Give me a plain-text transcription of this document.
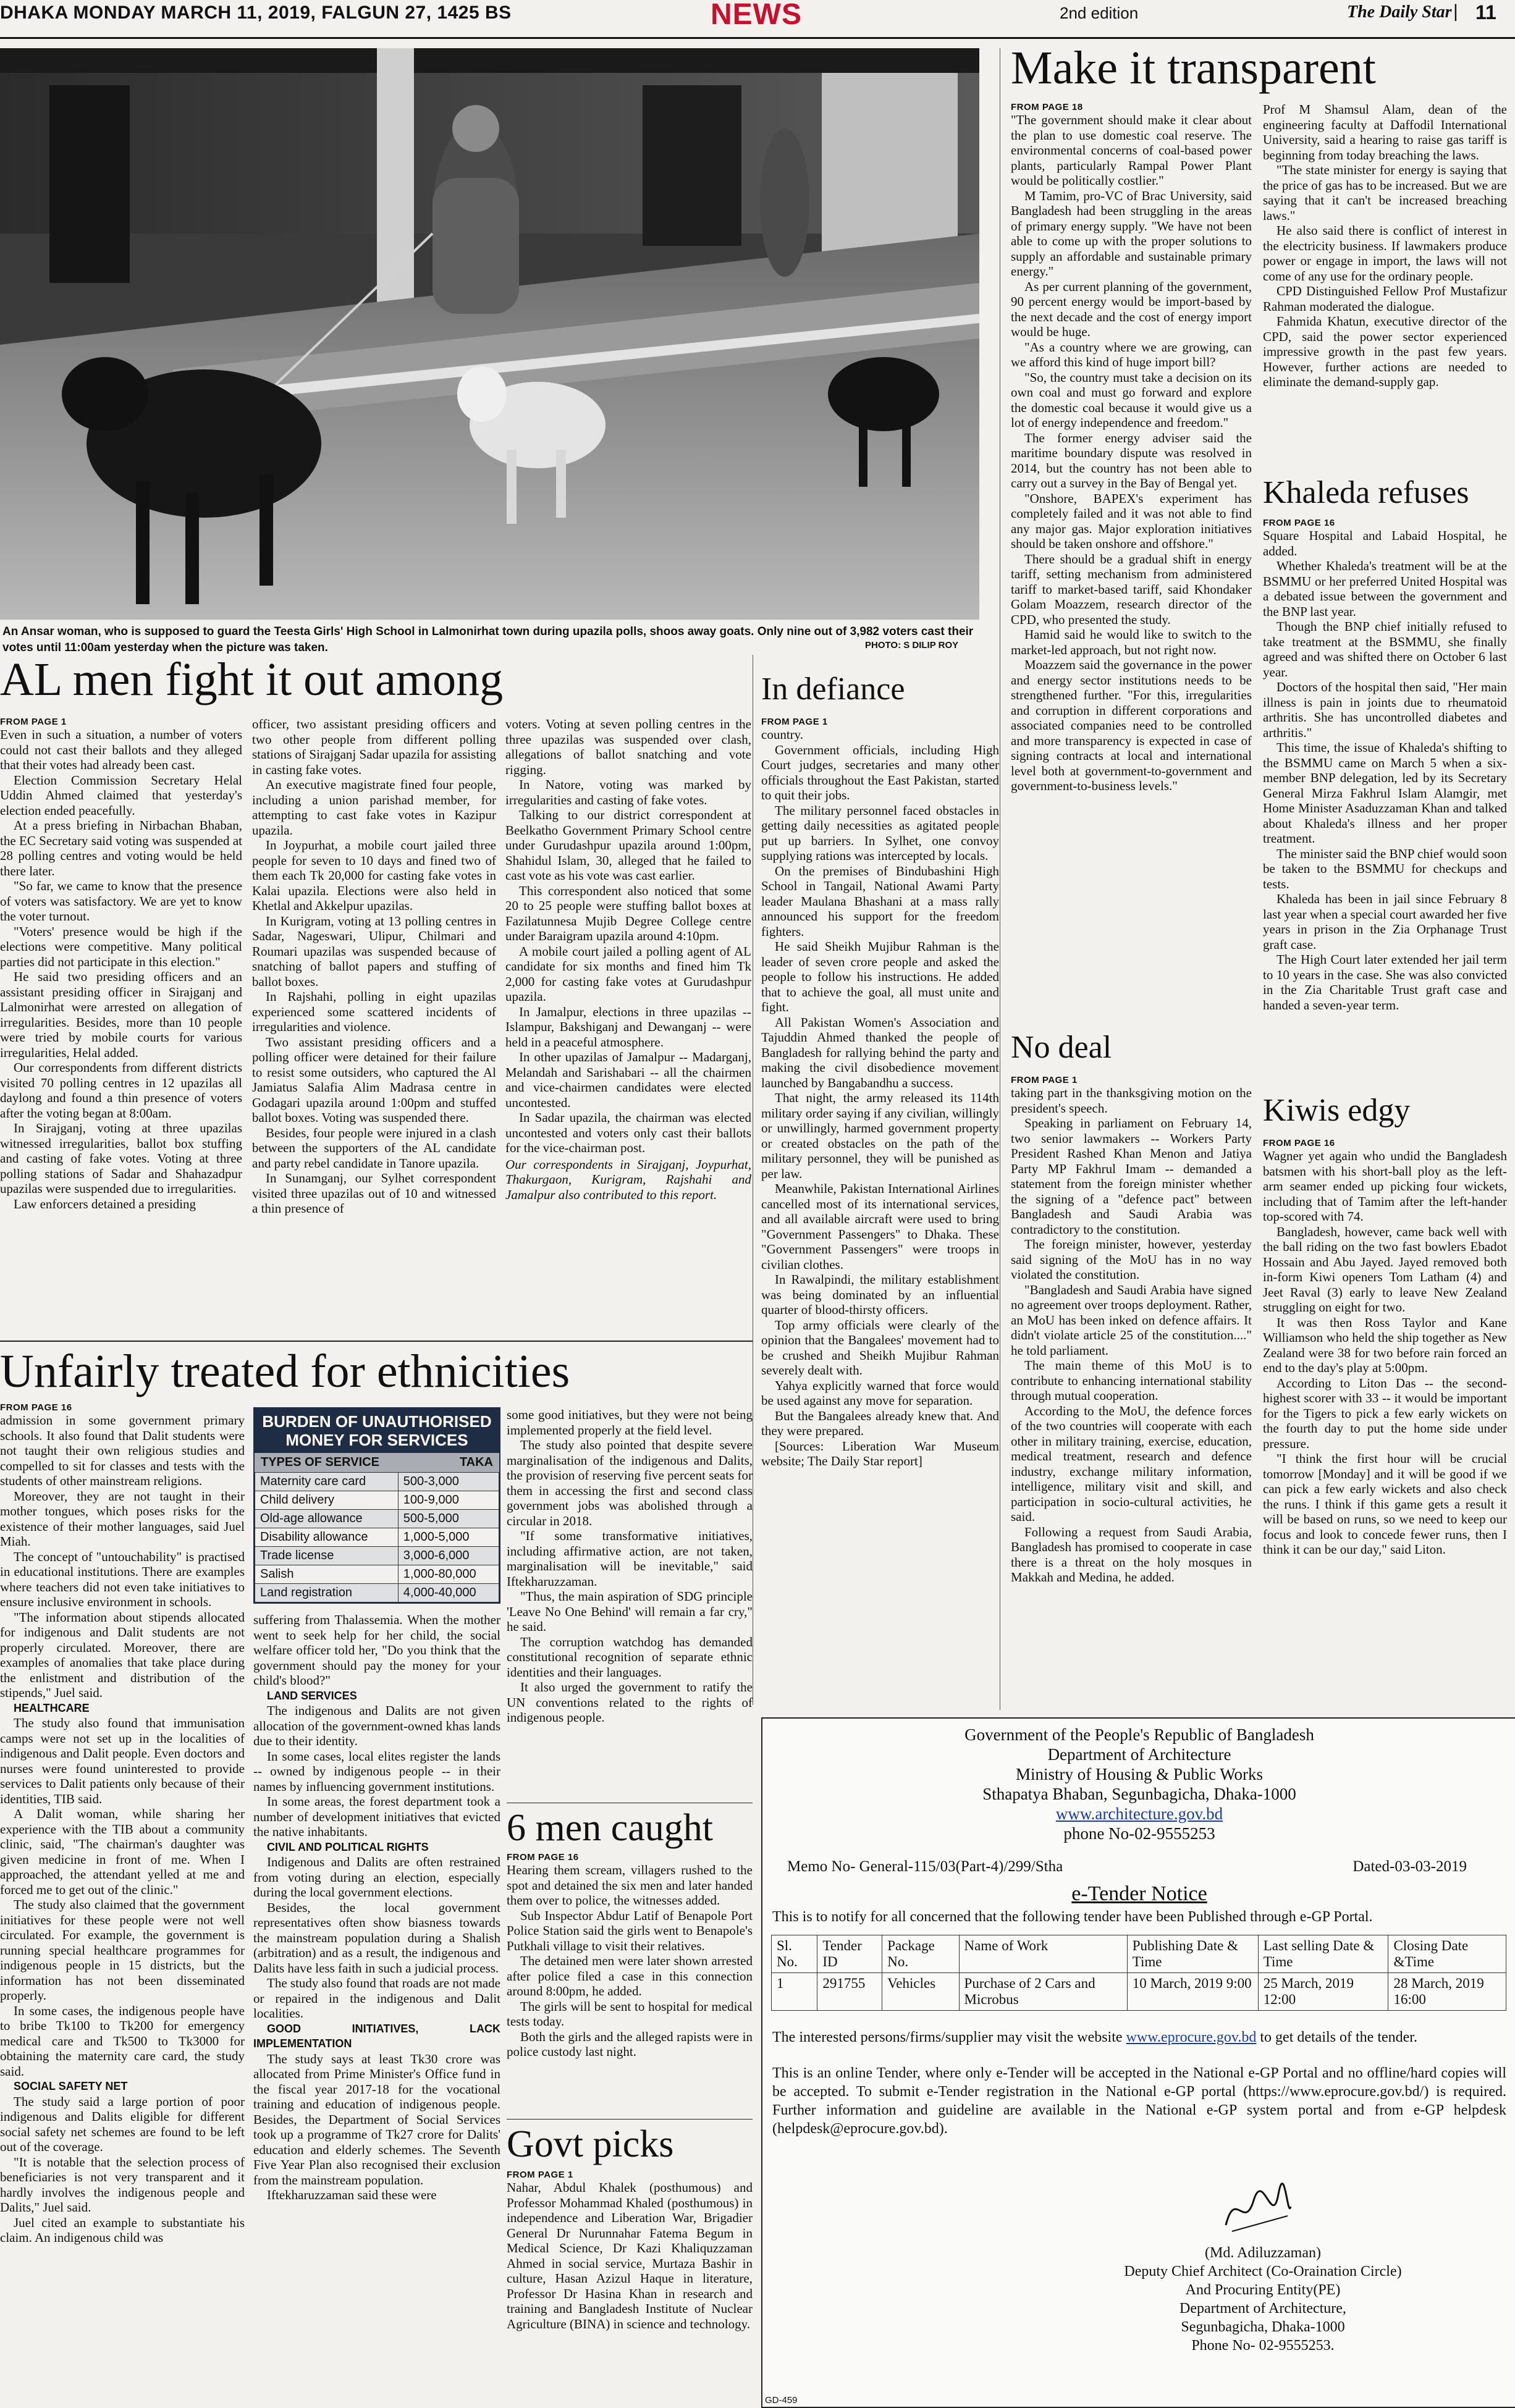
DHAKA MONDAY MARCH 11, 2019, FALGUN 27, 1425 BS	NEWS	2nd edition	The Daily Star | 11
An Ansar woman, who is supposed to guard the Teesta Girls' High School in Lalmonirhat town during upazila polls, shoos away goats. Only nine out of 3,982 voters cast their votes until 11:00am yesterday when the picture was taken.	PHOTO: S DILIP ROY
AL men fight it out among
FROM PAGE 1

Even in such a situation, a number of voters could not cast their ballots and they alleged that their votes had already been cast.

Election Commission Secretary Helal Uddin Ahmed claimed that yesterday's election ended peacefully.

At a press briefing in Nirbachan Bhaban, the EC Secretary said voting was suspended at 28 polling centres and voting would be held there later.

"So far, we came to know that the presence of voters was satisfactory. We are yet to know the voter turnout.

"Voters' presence would be high if the elections were competitive. Many political parties did not participate in this election."

He said two presiding officers and an assistant presiding officer in Sirajganj and Lalmonirhat were arrested on allegation of irregularities. Besides, more than 10 people were tried by mobile courts for various irregularities, Helal added.

Our correspondents from different districts visited 70 polling centres in 12 upazilas all daylong and found a thin presence of voters after the voting began at 8:00am.

In Sirajganj, voting at three upazilas witnessed irregularities, ballot box stuffing and casting of fake votes. Voting at three polling stations of Sadar and Shahazadpur upazilas were suspended due to irregularities.

Law enforcers detained a presiding

officer, two assistant presiding officers and two other people from different polling stations of Sirajganj Sadar upazila for assisting in casting fake votes.

An executive magistrate fined four people, including a union parishad member, for attempting to cast fake votes in Kazipur upazila.

In Joypurhat, a mobile court jailed three people for seven to 10 days and fined two of them each Tk 20,000 for casting fake votes in Kalai upazila. Elections were also held in Khetlal and Akkelpur upazilas.

In Kurigram, voting at 13 polling centres in Sadar, Nageswari, Ulipur, Chilmari and Roumari upazilas was suspended because of snatching of ballot papers and stuffing of ballot boxes.

In Rajshahi, polling in eight upazilas experienced some scattered incidents of irregularities and violence.

Two assistant presiding officers and a polling officer were detained for their failure to resist some outsiders, who captured the Al Jamiatus Salafia Alim Madrasa centre in Godagari upazila around 1:00pm and stuffed ballot boxes. Voting was suspended there.

Besides, four people were injured in a clash between the supporters of the AL candidate and party rebel candidate in Tanore upazila.

In Sunamganj, our Sylhet correspondent visited three upazilas out of 10 and witnessed a thin presence of

voters. Voting at seven polling centres in the three upazilas was suspended over clash, allegations of ballot snatching and vote rigging.

In Natore, voting was marked by irregularities and casting of fake votes.

Talking to our district correspondent at Beelkatho Government Primary School centre under Gurudashpur upazila around 1:00pm, Shahidul Islam, 30, alleged that he failed to cast vote as his vote was cast earlier.

This correspondent also noticed that some 20 to 25 people were stuffing ballot boxes at Fazilatunnesa Mujib Degree College centre under Baraigram upazila around 4:10pm.

A mobile court jailed a polling agent of AL candidate for six months and fined him Tk 2,000 for casting fake votes at Gurudashpur upazila.

In Jamalpur, elections in three upazilas -- Islampur, Bakshiganj and Dewanganj -- were held in a peaceful atmosphere.

In other upazilas of Jamalpur -- Madarganj, Melandah and Sarishabari -- all the chairmen and vice-chairmen candidates were elected uncontested.

In Sadar upazila, the chairman was elected uncontested and voters only cast their ballots for the vice-chairman post.

Our correspondents in Sirajganj, Joypurhat, Thakurgaon, Kurigram, Rajshahi and Jamalpur also contributed to this report.
Unfairly treated for ethnicities
FROM PAGE 16

admission in some government primary schools. It also found that Dalit students were not taught their own religious studies and compelled to sit for classes and tests with the students of other mainstream religions.

Moreover, they are not taught in their mother tongues, which poses risks for the existence of their mother languages, said Juel Miah.

The concept of "untouchability" is practised in educational institutions. There are examples where teachers did not even take initiatives to ensure inclusive environment in schools.

"The information about stipends allocated for indigenous and Dalit students are not properly circulated. Moreover, there are examples of anomalies that take place during the enlistment and distribution of the stipends," Juel said.

HEALTHCARE

The study also found that immunisation camps were not set up in the localities of indigenous and Dalit people. Even doctors and nurses were found uninterested to provide services to Dalit patients only because of their identities, TIB said.

A Dalit woman, while sharing her experience with the TIB about a community clinic, said, "The chairman's daughter was given medicine in front of me. When I approached, the attendant yelled at me and forced me to get out of the clinic."

The study also claimed that the government initiatives for these people were not well circulated. For example, the government is running special healthcare programmes for indigenous people in 15 districts, but the information has not been disseminated properly.

In some cases, the indigenous people have to bribe Tk100 to Tk200 for emergency medical care and Tk500 to Tk3000 for obtaining the maternity care card, the study said.

SOCIAL SAFETY NET

The study said a large portion of poor indigenous and Dalits eligible for different social safety net schemes are found to be left out of the coverage.

"It is notable that the selection process of beneficiaries is not very transparent and it hardly involves the indigenous people and Dalits," Juel said.

Juel cited an example to substantiate his claim. An indigenous child was

BURDEN OF UNAUTHORISED MONEY FOR SERVICES
TYPES OF SERVICE	TAKA
Maternity care card	500-3,000
Child delivery	100-9,000
Old-age allowance	500-5,000
Disability allowance	1,000-5,000
Trade license	3,000-6,000
Salish	1,000-80,000
Land registration	4,000-40,000

suffering from Thalassemia. When the mother went to seek help for her child, the social welfare officer told her, "Do you think that the government should pay the money for your child's blood?"

LAND SERVICES

The indigenous and Dalits are not given allocation of the government-owned khas lands due to their identity.

In some cases, local elites register the lands -- owned by indigenous people -- in their names by influencing government institutions.

In some areas, the forest department took a number of development initiatives that evicted the native inhabitants.

CIVIL AND POLITICAL RIGHTS

Indigenous and Dalits are often restrained from voting during an election, especially during the local government elections.

Besides, the local government representatives often show biasness towards the mainstream population during a Shalish (arbitration) and as a result, the indigenous and Dalits have less faith in such a judicial process.

The study also found that roads are not made or repaired in the indigenous and Dalit localities.

GOOD INITIATIVES, LACK IMPLEMENTATION

The study says at least Tk30 crore was allocated from Prime Minister's Office fund in the fiscal year 2017-18 for the vocational training and education of indigenous people. Besides, the Department of Social Services took up a programme of Tk27 crore for Dalits' education and elderly schemes. The Seventh Five Year Plan also recognised their exclusion from the mainstream population.

Iftekharuzzaman said these were

some good initiatives, but they were not being implemented properly at the field level.

The study also pointed that despite severe marginalisation of the indigenous and Dalits, the provision of reserving five percent seats for them in accessing the first and second class government jobs was abolished through a circular in 2018.

"If some transformative initiatives, including affirmative action, are not taken, marginalisation will be inevitable," said Iftekharuzzaman.

"Thus, the main aspiration of SDG principle 'Leave No One Behind' will remain a far cry," he said.

The corruption watchdog has demanded constitutional recognition of separate ethnic identities and their languages.

It also urged the government to ratify the UN conventions related to the rights of indigenous people.

6 men caught
FROM PAGE 16

Hearing them scream, villagers rushed to the spot and detained the six men and later handed them over to police, the witnesses added.

Sub Inspector Abdur Latif of Benapole Port Police Station said the girls went to Benapole's Putkhali village to visit their relatives.

The detained men were later shown arrested after police filed a case in this connection around 8:00pm, he added.

The girls will be sent to hospital for medical tests today.

Both the girls and the alleged rapists were in police custody last night.

Govt picks
FROM PAGE 1

Nahar, Abdul Khalek (posthumous) and Professor Mohammad Khaled (posthumous) in independence and Liberation War, Brigadier General Dr Nurunnahar Fatema Begum in Medical Science, Dr Kazi Khaliquzzaman Ahmed in social service, Murtaza Bashir in culture, Hasan Azizul Haque in literature, Professor Dr Hasina Khan in research and training and Bangladesh Institute of Nuclear Agriculture (BINA) in science and technology.

In defiance
FROM PAGE 1

country.

Government officials, including High Court judges, secretaries and many other officials throughout the East Pakistan, started to quit their jobs.

The military personnel faced obstacles in getting daily necessities as agitated people put up barriers. In Sylhet, one convoy supplying rations was intercepted by locals.

On the premises of Bindubashini High School in Tangail, National Awami Party leader Maulana Bhashani at a mass rally announced his support for the freedom fighters.

He said Sheikh Mujibur Rahman is the leader of seven crore people and asked the people to follow his instructions. He added that to achieve the goal, all must unite and fight.

All Pakistan Women's Association and Tajuddin Ahmed thanked the people of Bangladesh for rallying behind the party and making the civil disobedience movement launched by Bangabandhu a success.

That night, the army released its 114th military order saying if any civilian, willingly or unwillingly, harmed government property or created obstacles on the path of the military personnel, they will be punished as per law.

Meanwhile, Pakistan International Airlines cancelled most of its international services, and all available aircraft were used to bring "Government Passengers" to Dhaka. These "Government Passengers" were troops in civilian clothes.

In Rawalpindi, the military establishment was being dominated by an influential quarter of blood-thirsty officers.

Top army officials were clearly of the opinion that the Bangalees' movement had to be crushed and Sheikh Mujibur Rahman severely dealt with.

Yahya explicitly warned that force would be used against any move for separation.

But the Bangalees already knew that. And they were prepared.

[Sources: Liberation War Museum website; The Daily Star report]

Make it transparent
FROM PAGE 18

"The government should make it clear about the plan to use domestic coal reserve. The environmental concerns of coal-based power plants, particularly Rampal Power Plant would be politically costlier."

M Tamim, pro-VC of Brac University, said Bangladesh had been struggling in the areas of primary energy supply. "We have not been able to come up with the proper solutions to supply an affordable and sustainable primary energy."

As per current planning of the government, 90 percent energy would be import-based by the next decade and the cost of energy import would be huge.

"As a country where we are growing, can we afford this kind of huge import bill?

"So, the country must take a decision on its own coal and must go forward and explore the domestic coal because it would give us a lot of energy independence and freedom."

The former energy adviser said the maritime boundary dispute was resolved in 2014, but the country has not been able to carry out a survey in the Bay of Bengal yet.

"Onshore, BAPEX's experiment has completely failed and it was not able to find any major gas. Major exploration initiatives should be taken onshore and offshore."

There should be a gradual shift in energy tariff, setting mechanism from administered tariff to market-based tariff, said Khondaker Golam Moazzem, research director of the CPD, who presented the study.

Hamid said he would like to switch to the market-led approach, but not right now.

Moazzem said the governance in the power and energy sector institutions needs to be strengthened further. "For this, irregularities and corruption in different corporations and associated companies need to be controlled and more transparency is expected in case of signing contracts at local and international level both at government-to-government and government-to-business levels."

Prof M Shamsul Alam, dean of the engineering faculty at Daffodil International University, said a hearing to raise gas tariff is beginning from today breaching the laws.

"The state minister for energy is saying that the price of gas has to be increased. But we are saying that it can't be increased breaching laws."

He also said there is conflict of interest in the electricity business. If lawmakers produce power or engage in import, the laws will not come of any use for the ordinary people.

CPD Distinguished Fellow Prof Mustafizur Rahman moderated the dialogue.

Fahmida Khatun, executive director of the CPD, said the power sector experienced impressive growth in the past few years. However, further actions are needed to eliminate the demand-supply gap.

Khaleda refuses
FROM PAGE 16

Square Hospital and Labaid Hospital, he added.

Whether Khaleda's treatment will be at the BSMMU or her preferred United Hospital was a debated issue between the government and the BNP last year.

Though the BNP chief initially refused to take treatment at the BSMMU, she finally agreed and was shifted there on October 6 last year.

Doctors of the hospital then said, "Her main illness is pain in joints due to rheumatoid arthritis. She has uncontrolled diabetes and arthritis."

This time, the issue of Khaleda's shifting to the BSMMU came on March 5 when a six-member BNP delegation, led by its Secretary General Mirza Fakhrul Islam Alamgir, met Home Minister Asaduzzaman Khan and talked about Khaleda's illness and her proper treatment.

The minister said the BNP chief would soon be taken to the BSMMU for checkups and tests.

Khaleda has been in jail since February 8 last year when a special court awarded her five years in prison in the Zia Orphanage Trust graft case.

The High Court later extended her jail term to 10 years in the case. She was also convicted in the Zia Charitable Trust graft case and handed a seven-year term.

No deal
FROM PAGE 1

taking part in the thanksgiving motion on the president's speech.

Speaking in parliament on February 14, two senior lawmakers -- Workers Party President Rashed Khan Menon and Jatiya Party MP Fakhrul Imam -- demanded a statement from the foreign minister whether the signing of a "defence pact" between Bangladesh and Saudi Arabia was contradictory to the constitution.

The foreign minister, however, yesterday said signing of the MoU has in no way violated the constitution.

"Bangladesh and Saudi Arabia have signed no agreement over troops deployment. Rather, an MoU has been inked on defence affairs. It didn't violate article 25 of the constitution...." he told parliament.

The main theme of this MoU is to contribute to enhancing international stability through mutual cooperation.

According to the MoU, the defence forces of the two countries will cooperate with each other in military training, exercise, education, medical treatment, research and defence industry, exchange military information, intelligence, military visit and skill, and participation in socio-cultural activities, he said.

Following a request from Saudi Arabia, Bangladesh has promised to cooperate in case there is a threat on the holy mosques in Makkah and Medina, he added.

Kiwis edgy
FROM PAGE 16

Wagner yet again who undid the Bangladesh batsmen with his short-ball ploy as the left-arm seamer ended up picking four wickets, including that of Tamim after the left-hander top-scored with 74.

Bangladesh, however, came back well with the ball riding on the two fast bowlers Ebadot Hossain and Abu Jayed. Jayed removed both in-form Kiwi openers Tom Latham (4) and Jeet Raval (3) early to leave New Zealand struggling on eight for two.

It was then Ross Taylor and Kane Williamson who held the ship together as New Zealand were 38 for two before rain forced an end to the day's play at 5:00pm.

According to Liton Das -- the second-highest scorer with 33 -- it would be important for the Tigers to pick a few early wickets on the fourth day to put the home side under pressure.

"I think the first hour will be crucial tomorrow [Monday] and it will be good if we can pick a few early wickets and also check the runs. I think if this game gets a result it will be based on runs, so we need to keep our focus and look to concede fewer runs, then I think it can be our day," said Liton.

Government of the People's Republic of Bangladesh
Department of Architecture
Ministry of Housing & Public Works
Sthapatya Bhaban, Segunbagicha, Dhaka-1000
www.architecture.gov.bd
phone No-02-9555253
Memo No- General-115/03(Part-4)/299/Stha	Dated-03-03-2019
e-Tender Notice
This is to notify for all concerned that the following tender have been Published through e-GP Portal.
Sl. No.	Tender ID	Package No.	Name of Work	Publishing Date & Time	Last selling Date & Time	Closing Date &Time
1	291755	Vehicles	Purchase of 2 Cars and Microbus	10 March, 2019 9:00	25 March, 2019 12:00	28 March, 2019 16:00
The interested persons/firms/supplier may visit the website www.eprocure.gov.bd to get details of the tender.
This is an online Tender, where only e-Tender will be accepted in the National e-GP Portal and no offline/hard copies will be accepted. To submit e-Tender registration in the National e-GP portal (https://www.eprocure.gov.bd/) is required. Further information and guideline are available in the National e-GP system portal and from e-GP helpdesk (helpdesk@eprocure.gov.bd).
(Md. Adiluzzaman)
Deputy Chief Architect (Co-Oraination Circle)
And Procuring Entity(PE)
Department of Architecture,
Segunbagicha, Dhaka-1000
Phone No- 02-9555253.
GD-459
